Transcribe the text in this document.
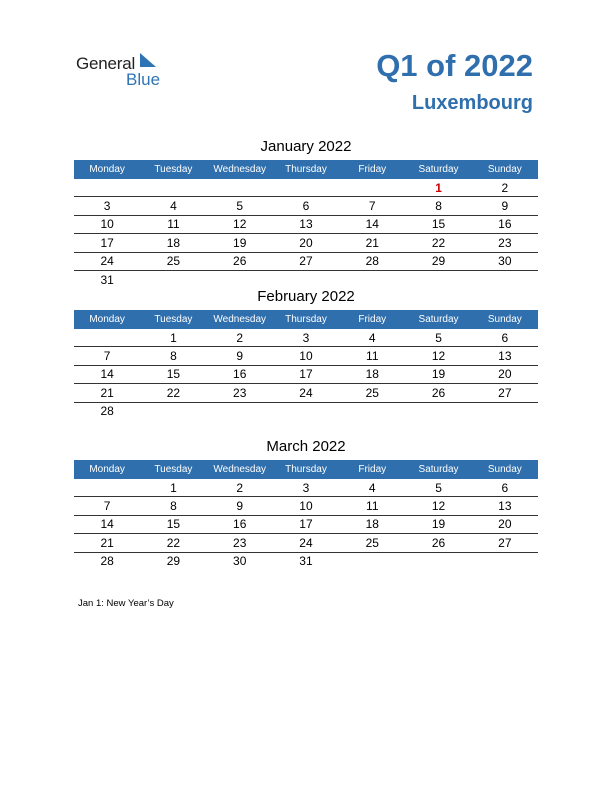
General
Blue	Q1 of 2022
Luxembourg
January 2022
Monday	Tuesday	Wednesday	Thursday	Friday	Saturday	Sunday
					1	2
3	4	5	6	7	8	9
10	11	12	13	14	15	16
17	18	19	20	21	22	23
24	25	26	27	28	29	30
31						
February 2022
Monday	Tuesday	Wednesday	Thursday	Friday	Saturday	Sunday
	1	2	3	4	5	6
7	8	9	10	11	12	13
14	15	16	17	18	19	20
21	22	23	24	25	26	27
28						
March 2022
Monday	Tuesday	Wednesday	Thursday	Friday	Saturday	Sunday
	1	2	3	4	5	6
7	8	9	10	11	12	13
14	15	16	17	18	19	20
21	22	23	24	25	26	27
28	29	30	31			
Jan 1: New Year’s Day
